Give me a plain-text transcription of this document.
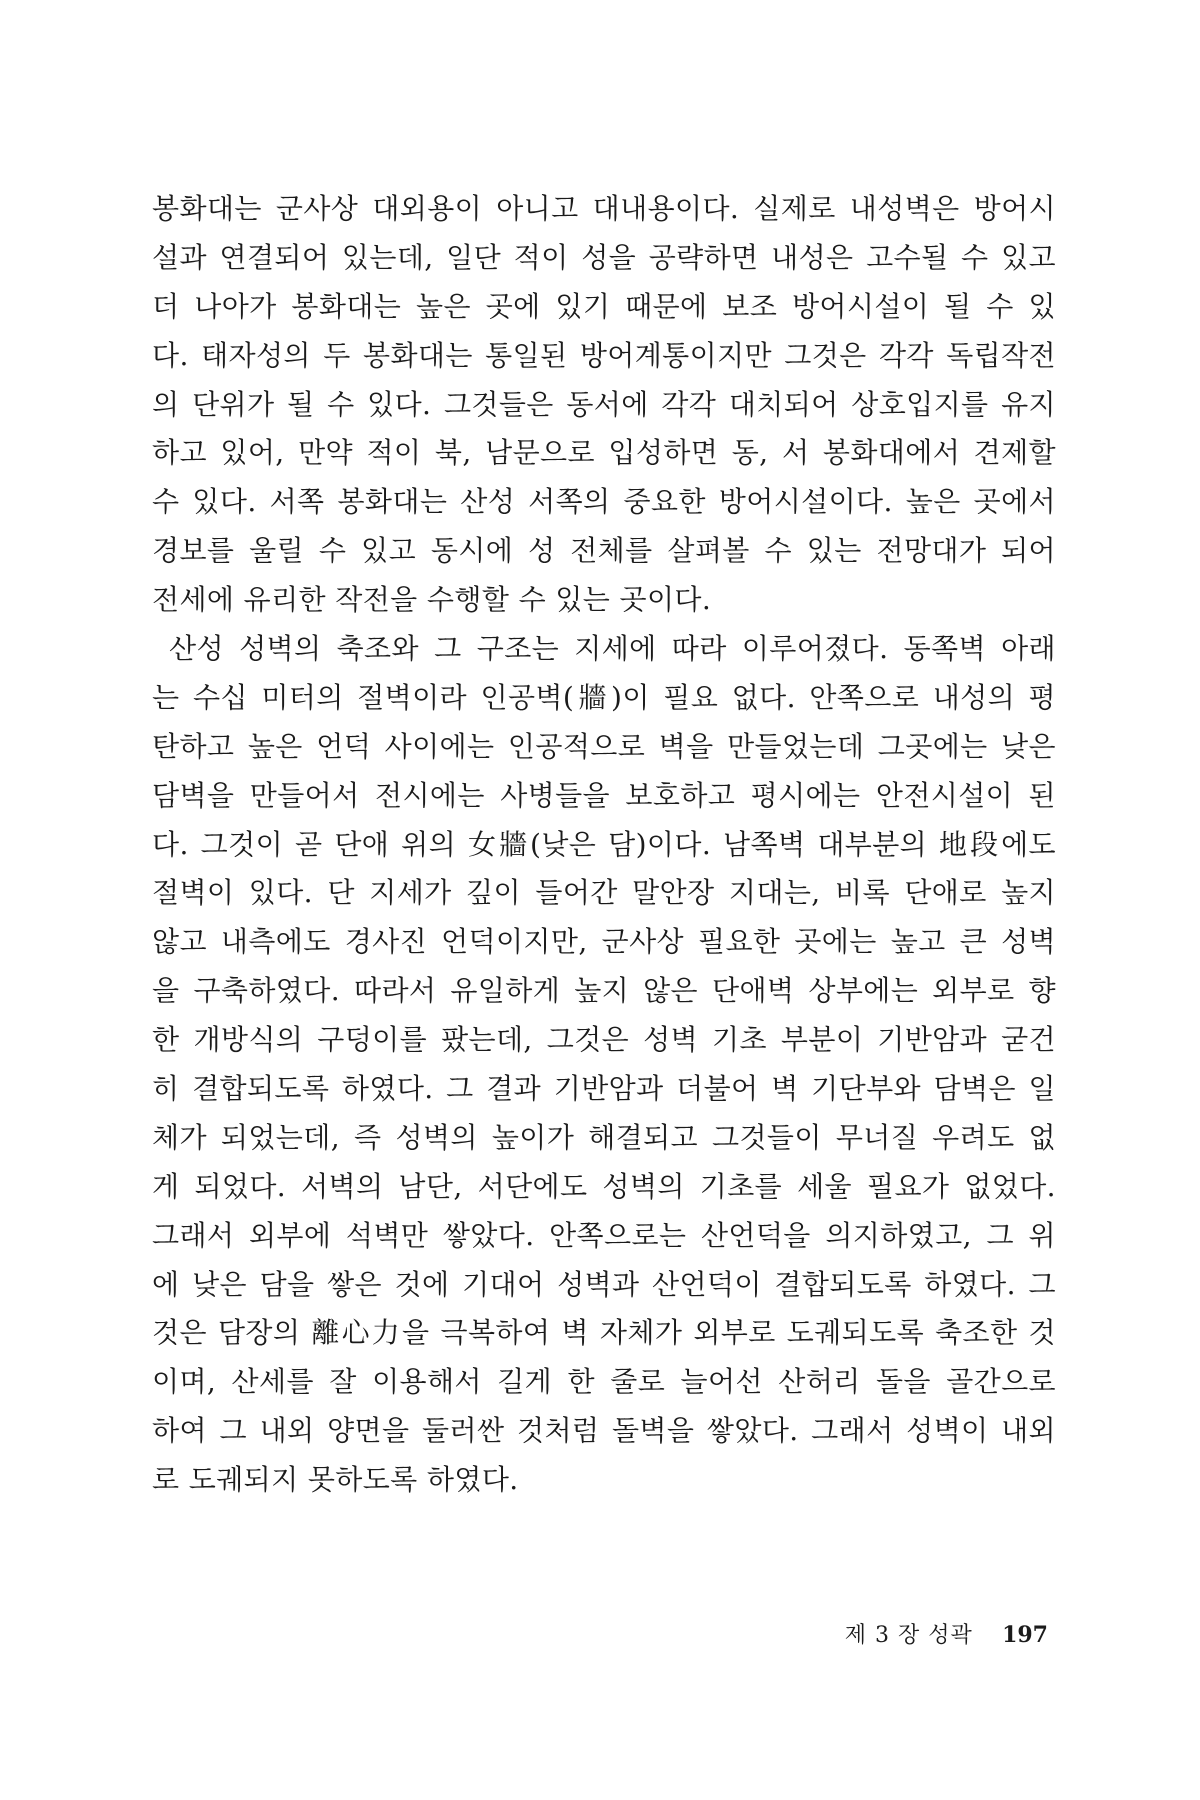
봉화대는 군사상 대외용이 아니고 대내용이다. 실제로 내성벽은 방어시
설과 연결되어 있는데, 일단 적이 성을 공략하면 내성은 고수될 수 있고
더 나아가 봉화대는 높은 곳에 있기 때문에 보조 방어시설이 될 수 있
다. 태자성의 두 봉화대는 통일된 방어계통이지만 그것은 각각 독립작전
의 단위가 될 수 있다. 그것들은 동서에 각각 대치되어 상호입지를 유지
하고 있어, 만약 적이 북, 남문으로 입성하면 동, 서 봉화대에서 견제할
수 있다. 서쪽 봉화대는 산성 서쪽의 중요한 방어시설이다. 높은 곳에서
경보를 울릴 수 있고 동시에 성 전체를 살펴볼 수 있는 전망대가 되어
전세에 유리한 작전을 수행할 수 있는 곳이다.
산성 성벽의 축조와 그 구조는 지세에 따라 이루어졌다. 동쪽벽 아래
는 수십 미터의 절벽이라 인공벽(牆)이 필요 없다. 안쪽으로 내성의 평
탄하고 높은 언덕 사이에는 인공적으로 벽을 만들었는데 그곳에는 낮은
담벽을 만들어서 전시에는 사병들을 보호하고 평시에는 안전시설이 된
다. 그것이 곧 단애 위의 女牆(낮은 담)이다. 남쪽벽 대부분의 地段에도
절벽이 있다. 단 지세가 깊이 들어간 말안장 지대는, 비록 단애로 높지
않고 내측에도 경사진 언덕이지만, 군사상 필요한 곳에는 높고 큰 성벽
을 구축하였다. 따라서 유일하게 높지 않은 단애벽 상부에는 외부로 향
한 개방식의 구덩이를 팠는데, 그것은 성벽 기초 부분이 기반암과 굳건
히 결합되도록 하였다. 그 결과 기반암과 더불어 벽 기단부와 담벽은 일
체가 되었는데, 즉 성벽의 높이가 해결되고 그것들이 무너질 우려도 없
게 되었다. 서벽의 남단, 서단에도 성벽의 기초를 세울 필요가 없었다.
그래서 외부에 석벽만 쌓았다. 안쪽으로는 산언덕을 의지하였고, 그 위
에 낮은 담을 쌓은 것에 기대어 성벽과 산언덕이 결합되도록 하였다. 그
것은 담장의 離心力을 극복하여 벽 자체가 외부로 도궤되도록 축조한 것
이며, 산세를 잘 이용해서 길게 한 줄로 늘어선 산허리 돌을 골간으로
하여 그 내외 양면을 둘러싼 것처럼 돌벽을 쌓았다. 그래서 성벽이 내외
로 도궤되지 못하도록 하였다.
제 3 장 성곽 197
